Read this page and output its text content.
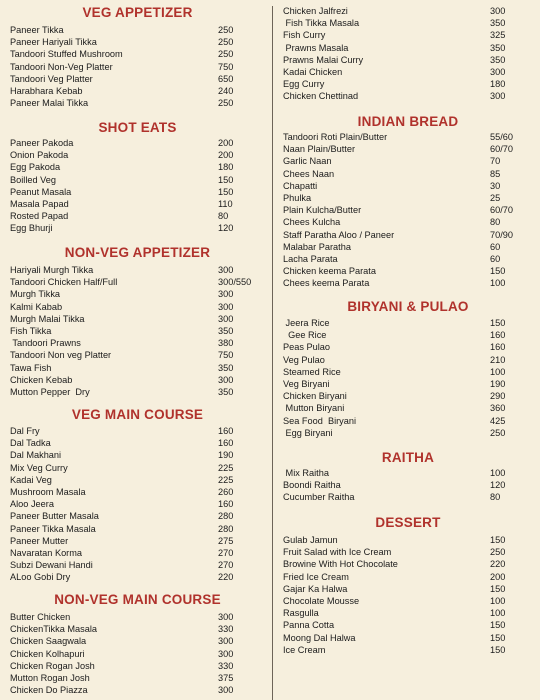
VEG APPETIZER
Paneer Tikka	250
Paneer Hariyali Tikka	250
Tandoori Stuffed Mushroom	250
Tandoori Non-Veg Platter	750
Tandoori Veg Platter	650
Harabhara Kebab	240
Paneer Malai Tikka	250
SHOT EATS
Paneer Pakoda	200
Onion Pakoda	200
Egg Pakoda	180
Boilled Veg	150
Peanut Masala	150
Masala Papad	110
Rosted Papad	80
Egg Bhurji	120
NON-VEG APPETIZER
Hariyali Murgh Tikka	300
Tandoori Chicken Half/Full	300/550
Murgh Tikka	300
Kalmi Kabab	300
Murgh Malai Tikka	300
Fish Tikka	350
Tandoori Prawns	380
Tandoori Non veg Platter	750
Tawa Fish	350
Chicken Kebab	300
Mutton Pepper  Dry	350
VEG MAIN COURSE
Dal Fry	160
Dal Tadka	160
Dal Makhani	190
Mix Veg Curry	225
Kadai Veg	225
Mushroom Masala	260
Aloo Jeera	160
Paneer Butter Masala	280
Paneer Tikka Masala	280
Paneer Mutter	275
Navaratan Korma	270
Subzi Dewani Handi	270
ALoo Gobi Dry	220
NON-VEG MAIN COURSE
Butter Chicken	300
ChickenTikka Masala	330
Chicken Saagwala	300
Chicken Kolhapuri	300
Chicken Rogan Josh	330
Mutton Rogan Josh	375
Chicken Do Piazza	300
Chicken Jalfrezi	300
Fish Tikka Masala	350
Fish Curry	325
Prawns Masala	350
Prawns Malai Curry	350
Kadai Chicken	300
Egg Curry	180
Chicken Chettinad	300
INDIAN BREAD
Tandoori Roti Plain/Butter	55/60
Naan Plain/Butter	60/70
Garlic Naan	70
Chees Naan	85
Chapatti	30
Phulka	25
Plain Kulcha/Butter	60/70
Chees Kulcha	80
Staff Paratha Aloo / Paneer	70/90
Malabar Paratha	60
Lacha Parata	60
Chicken keema Parata	150
Chees keema Parata	100
BIRYANI & PULAO
Jeera Rice	150
Gee Rice	160
Peas Pulao	160
Veg Pulao	210
Steamed Rice	100
Veg Biryani	190
Chicken Biryani	290
Mutton Biryani	360
Sea Food  Biryani	425
Egg Biryani	250
RAITHA
Mix Raitha	100
Boondi Raitha	120
Cucumber Raitha	80
DESSERT
Gulab Jamun	150
Fruit Salad with Ice Cream	250
Browine With Hot Chocolate	220
Fried Ice Cream	200
Gajar Ka Halwa	150
Chocolate Mousse	100
Rasgulla	100
Panna Cotta	150
Moong Dal Halwa	150
Ice Cream	150
